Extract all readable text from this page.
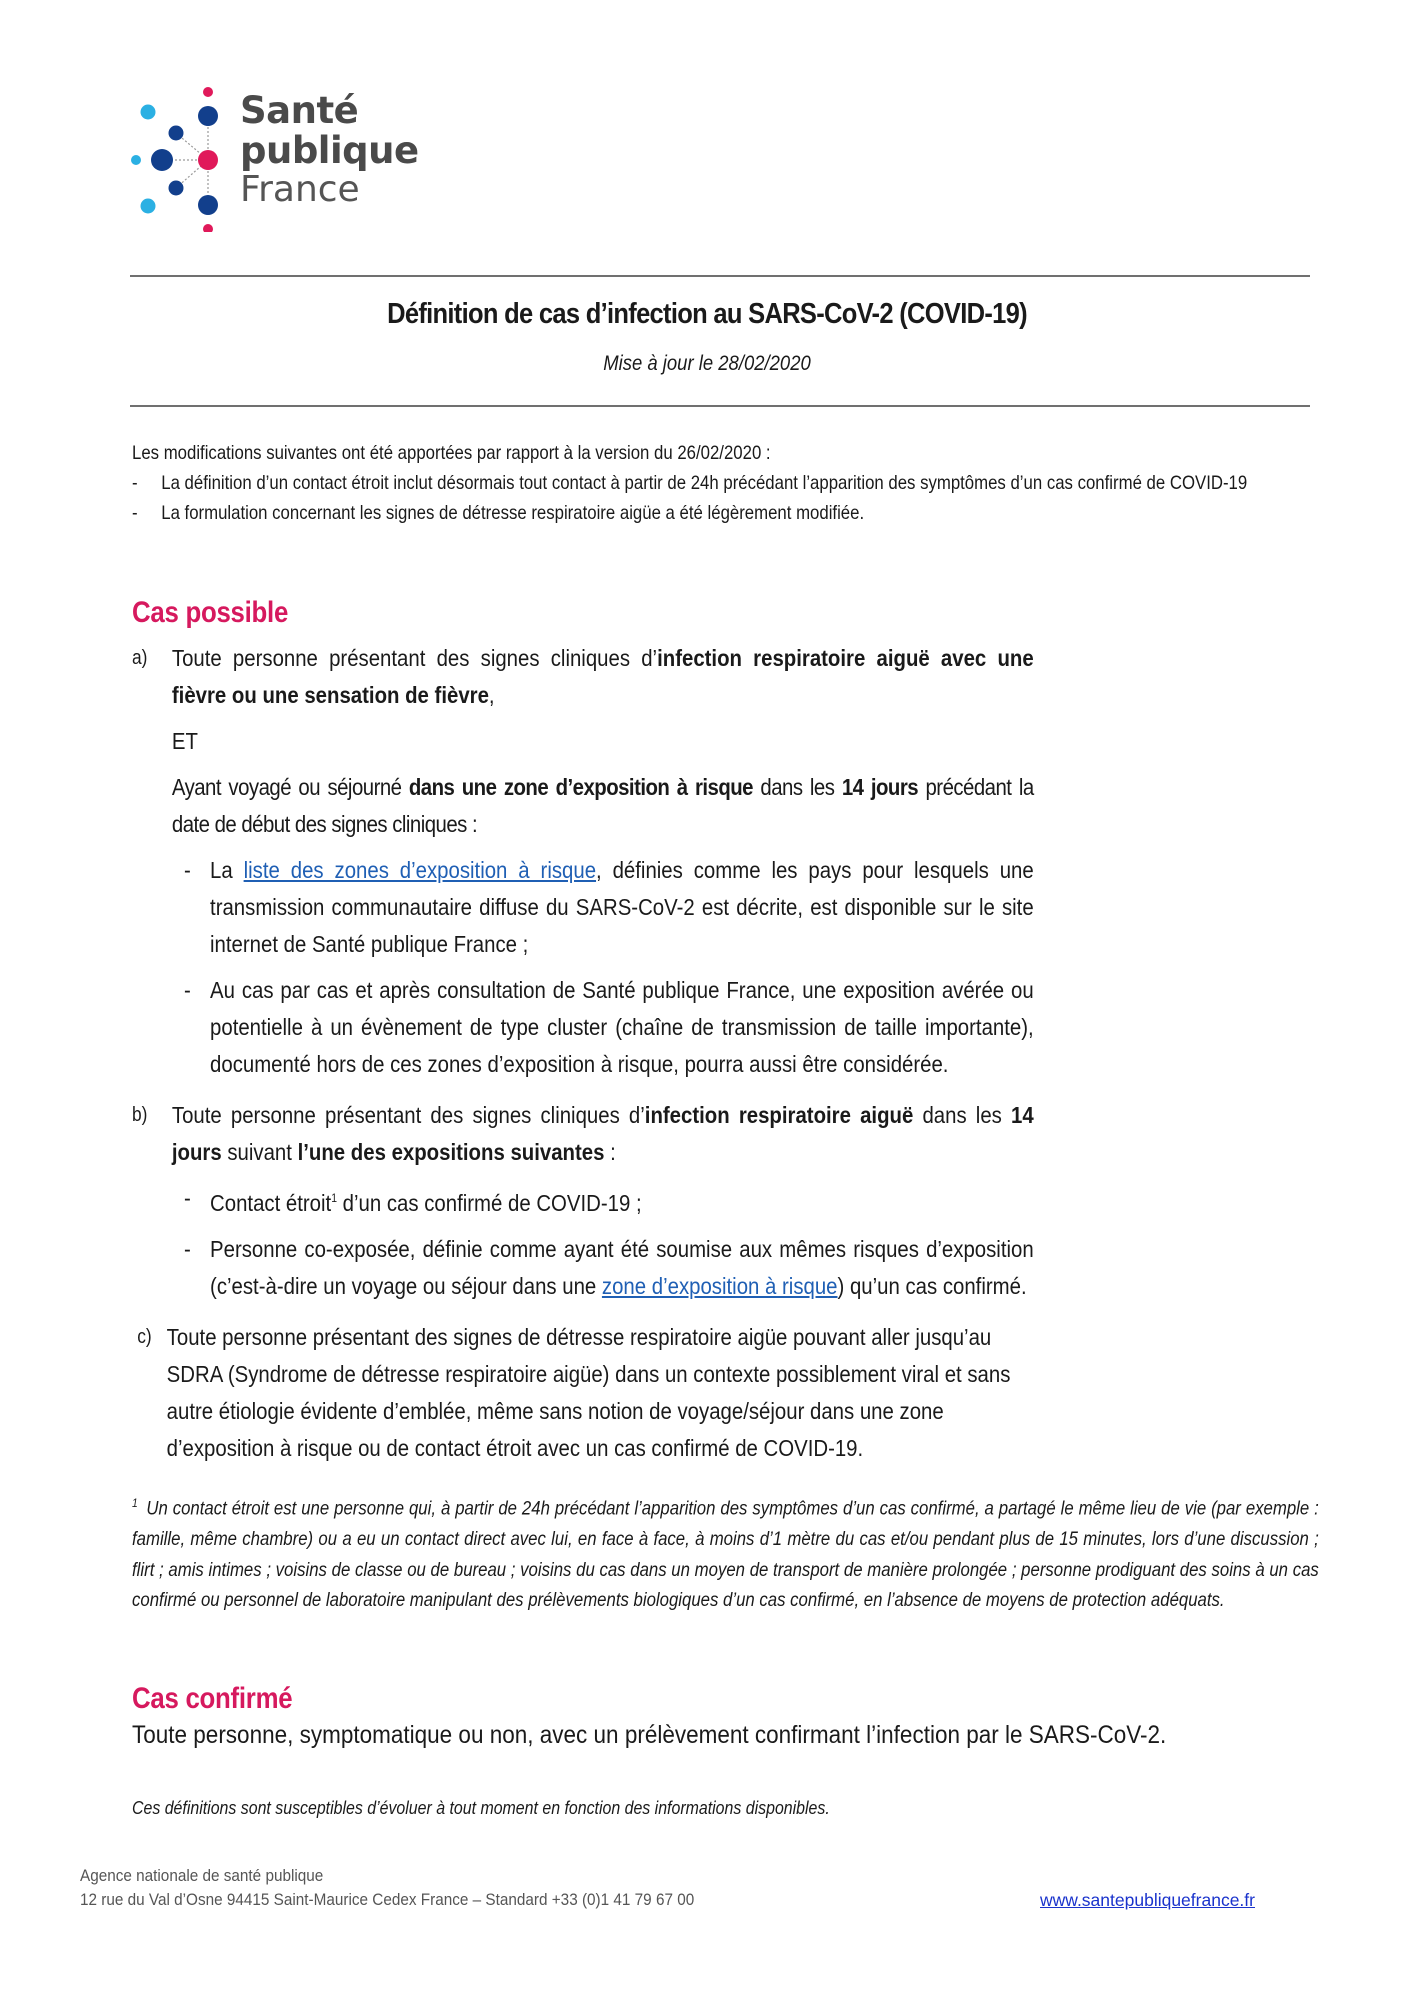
Santé
publique
France
Définition de cas d’infection au SARS-CoV-2 (COVID-19)
Mise à jour le 28/02/2020
Les modifications suivantes ont été apportées par rapport à la version du 26/02/2020 :
-	La définition d’un contact étroit inclut désormais tout contact à partir de 24h précédant l’apparition des symptômes d’un cas confirmé de COVID-19
-	La formulation concernant les signes de détresse respiratoire aigüe a été légèrement modifiée.
Cas possible
a)	Toute personne présentant des signes cliniques d’infection respiratoire aiguë avec une fièvre ou une sensation de fièvre,
ET
Ayant voyagé ou séjourné dans une zone d’exposition à risque dans les 14 jours précédant la date de début des signes cliniques :
- La liste des zones d’exposition à risque, définies comme les pays pour lesquels une transmission communautaire diffuse du SARS-CoV-2 est décrite, est disponible sur le site internet de Santé publique France ;
- Au cas par cas et après consultation de Santé publique France, une exposition avérée ou potentielle à un évènement de type cluster (chaîne de transmission de taille importante), documenté hors de ces zones d’exposition à risque, pourra aussi être considérée.
b)	Toute personne présentant des signes cliniques d’infection respiratoire aiguë dans les 14 jours suivant l’une des expositions suivantes :
- Contact étroit$^1$ d’un cas confirmé de COVID-19 ;
- Personne co-exposée, définie comme ayant été soumise aux mêmes risques d’exposition (c’est-à-dire un voyage ou séjour dans une zone d’exposition à risque) qu’un cas confirmé.
c) Toute personne présentant des signes de détresse respiratoire aigüe pouvant aller jusqu’au SDRA (Syndrome de détresse respiratoire aigüe) dans un contexte possiblement viral et sans autre étiologie évidente d’emblée, même sans notion de voyage/séjour dans une zone d’exposition à risque ou de contact étroit avec un cas confirmé de COVID-19.
$^1$ Un contact étroit est une personne qui, à partir de 24h précédant l’apparition des symptômes d’un cas confirmé, a partagé le même lieu de vie (par exemple : famille, même chambre) ou a eu un contact direct avec lui, en face à face, à moins d’1 mètre du cas et/ou pendant plus de 15 minutes, lors d’une discussion ; flirt ; amis intimes ; voisins de classe ou de bureau ; voisins du cas dans un moyen de transport de manière prolongée ; personne prodiguant des soins à un cas confirmé ou personnel de laboratoire manipulant des prélèvements biologiques d’un cas confirmé, en l’absence de moyens de protection adéquats.
Cas confirmé
Toute personne, symptomatique ou non, avec un prélèvement confirmant l’infection par le SARS-CoV-2.
Ces définitions sont susceptibles d’évoluer à tout moment en fonction des informations disponibles.
Agence nationale de santé publique
12 rue du Val d’Osne 94415 Saint-Maurice Cedex France – Standard +33 (0)1 41 79 67 00	www.santepubliquefrance.fr
